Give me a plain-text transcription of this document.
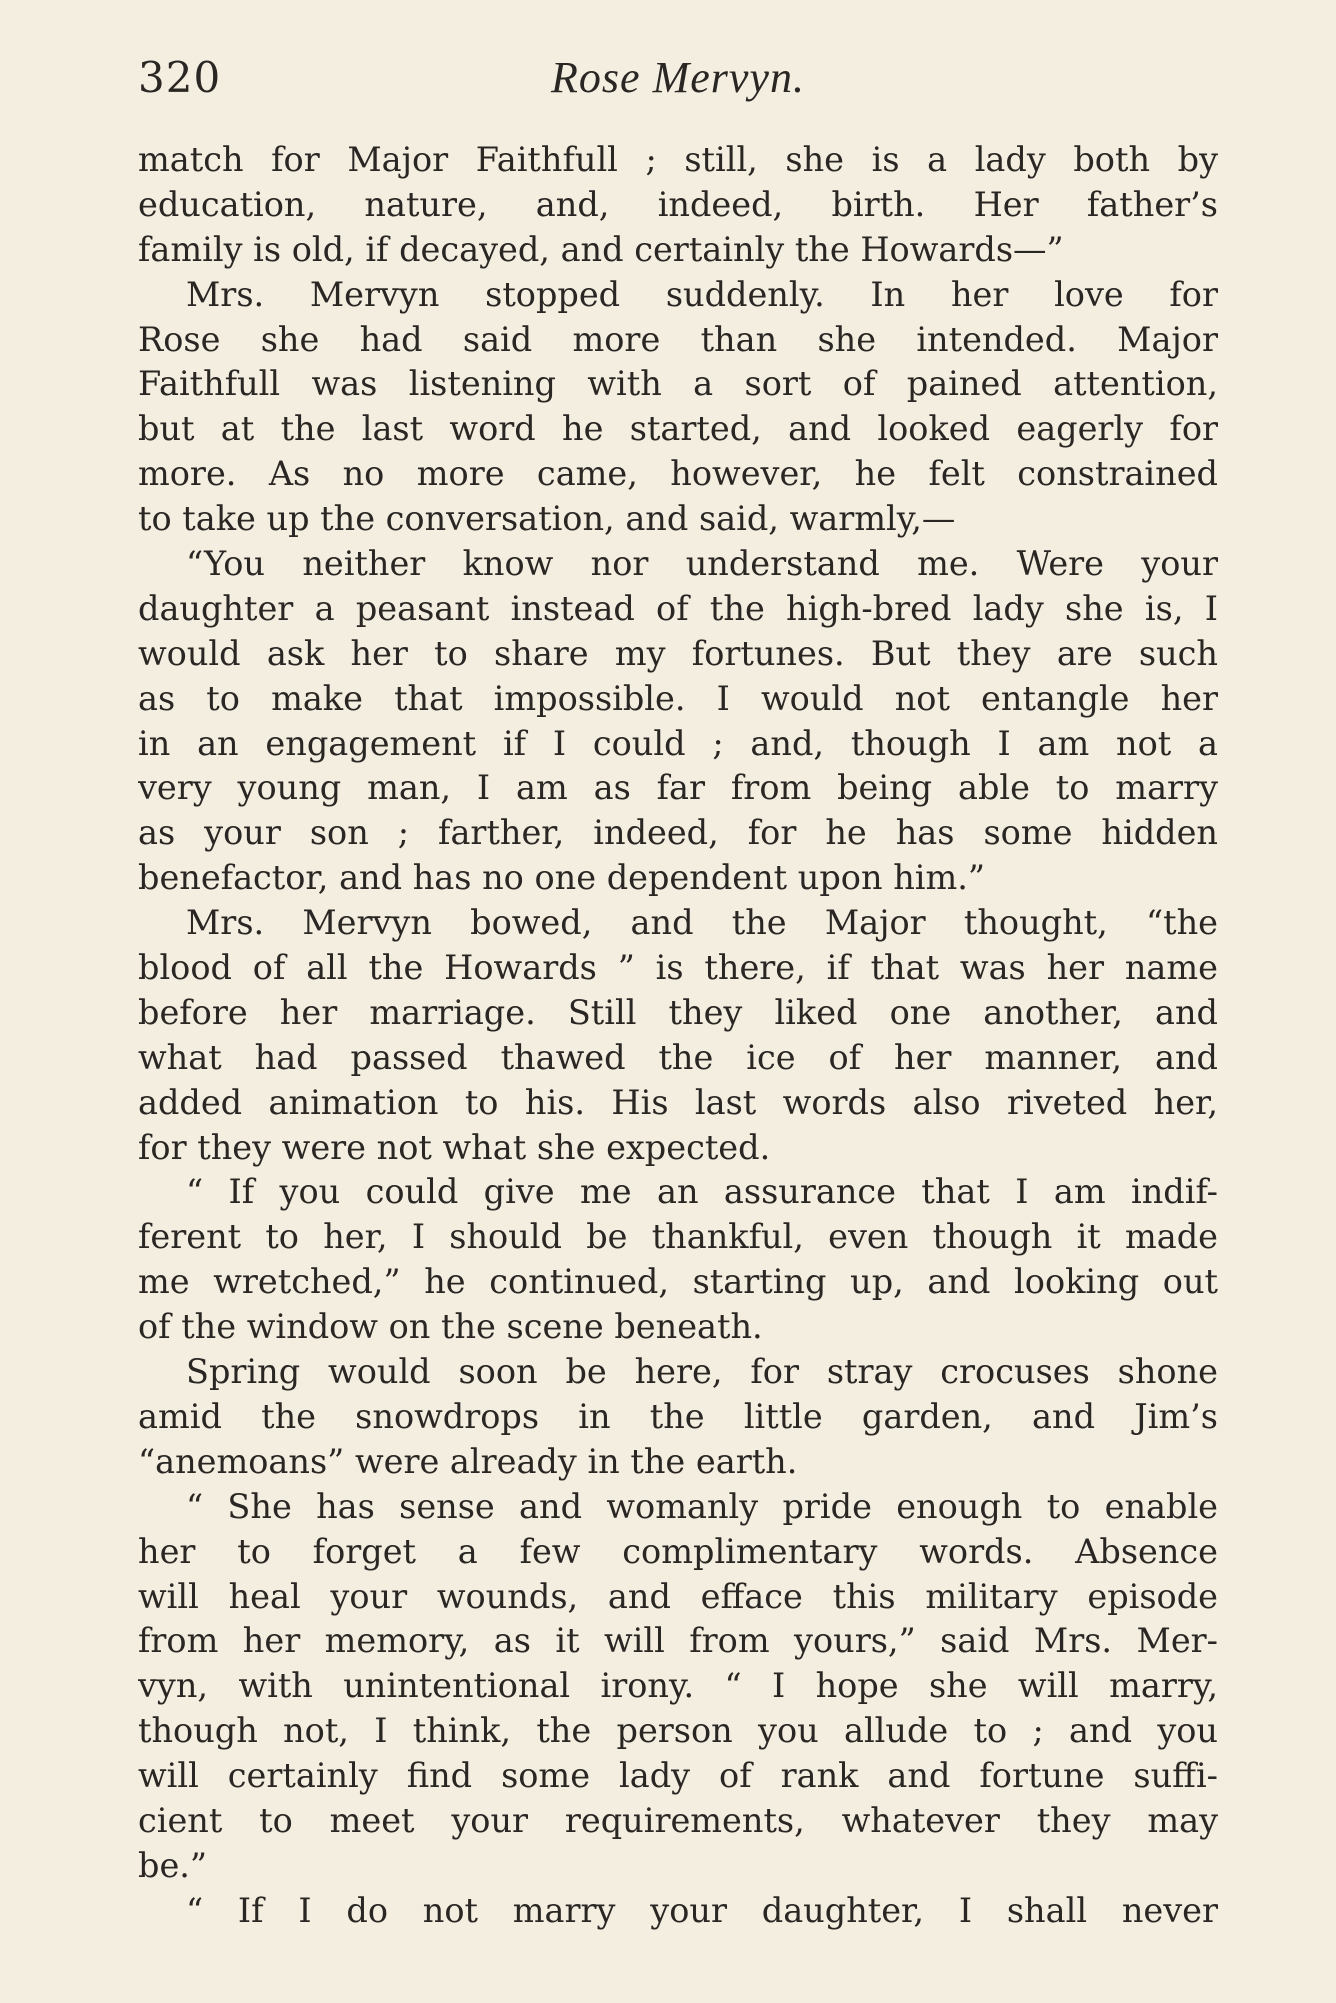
320	Rose Mervyn.
match for Major Faithfull ; still, she is a lady both by
education, nature, and, indeed, birth. Her father’s
family is old, if decayed, and certainly the Howards—”
Mrs. Mervyn stopped suddenly. In her love for
Rose she had said more than she intended. Major
Faithfull was listening with a sort of pained attention,
but at the last word he started, and looked eagerly for
more. As no more came, however, he felt constrained
to take up the conversation, and said, warmly,—
“You neither know nor understand me. Were your
daughter a peasant instead of the high-bred lady she is, I
would ask her to share my fortunes. But they are such
as to make that impossible. I would not entangle her
in an engagement if I could ; and, though I am not a
very young man, I am as far from being able to marry
as your son ; farther, indeed, for he has some hidden
benefactor, and has no one dependent upon him.”
Mrs. Mervyn bowed, and the Major thought, “the
blood of all the Howards ” is there, if that was her name
before her marriage. Still they liked one another, and
what had passed thawed the ice of her manner, and
added animation to his. His last words also riveted her,
for they were not what she expected.
“ If you could give me an assurance that I am indif-
ferent to her, I should be thankful, even though it made
me wretched,” he continued, starting up, and looking out
of the window on the scene beneath.
Spring would soon be here, for stray crocuses shone
amid the snowdrops in the little garden, and Jim’s
“anemoans” were already in the earth.
“ She has sense and womanly pride enough to enable
her to forget a few complimentary words. Absence
will heal your wounds, and efface this military episode
from her memory, as it will from yours,” said Mrs. Mer-
vyn, with unintentional irony. “ I hope she will marry,
though not, I think, the person you allude to ; and you
will certainly find some lady of rank and fortune suffi-
cient to meet your requirements, whatever they may
be.”
“ If I do not marry your daughter, I shall never
